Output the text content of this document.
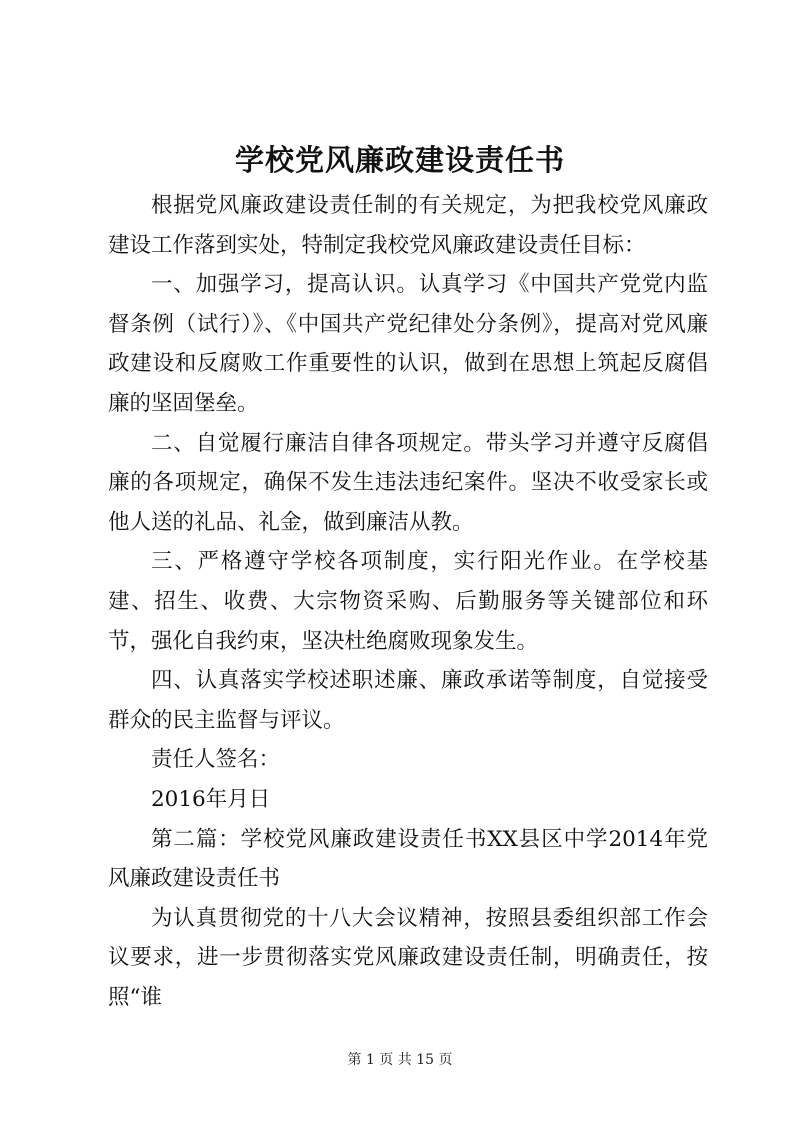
学校党风廉政建设责任书

根据党风廉政建设责任制的有关规定，为把我校党风廉政建设工作落到实处，特制定我校党风廉政建设责任目标：

一、加强学习，提高认识。认真学习《中国共产党党内监督条例（试行）》、《中国共产党纪律处分条例》，提高对党风廉政建设和反腐败工作重要性的认识，做到在思想上筑起反腐倡廉的坚固堡垒。

二、自觉履行廉洁自律各项规定。带头学习并遵守反腐倡廉的各项规定，确保不发生违法违纪案件。坚决不收受家长或他人送的礼品、礼金，做到廉洁从教。

三、严格遵守学校各项制度，实行阳光作业。在学校基建、招生、收费、大宗物资采购、后勤服务等关键部位和环节，强化自我约束，坚决杜绝腐败现象发生。

四、认真落实学校述职述廉、廉政承诺等制度，自觉接受群众的民主监督与评议。

责任人签名：

2016年月日

第二篇：学校党风廉政建设责任书XX县区中学2014年党风廉政建设责任书

为认真贯彻党的十八大会议精神，按照县委组织部工作会议要求，进一步贯彻落实党风廉政建设责任制，明确责任，按照“谁

第 1 页 共 15 页
